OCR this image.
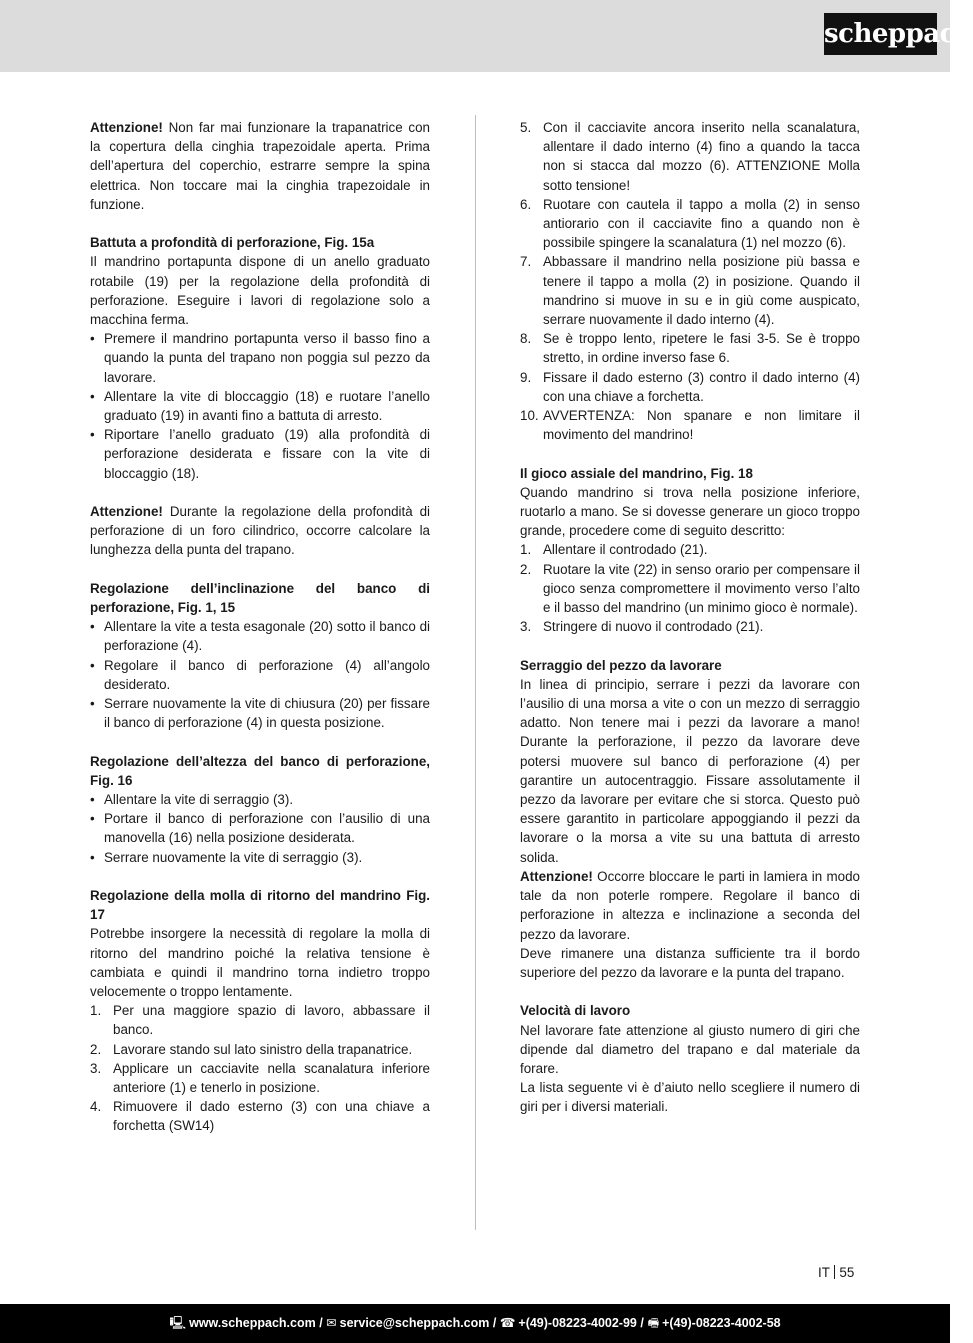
scheppach

Attenzione! Non far mai funzionare la trapanatrice con la copertura della cinghia trapezoidale aperta. Prima dell’apertura del coperchio, estrarre sempre la spina elettrica. Non toccare mai la cinghia trapezoidale in funzione.

Battuta a profondità di perforazione, Fig. 15a

Il mandrino portapunta dispone di un anello graduato rotabile (19) per la regolazione della profondità di perforazione. Eseguire i lavori di regolazione solo a macchina ferma.

• Premere il mandrino portapunta verso il basso fino a quando la punta del trapano non poggia sul pezzo da lavorare.
• Allentare la vite di bloccaggio (18) e ruotare l’anello graduato (19) in avanti fino a battuta di arresto.
• Riportare l’anello graduato (19) alla profondità di perforazione desiderata e fissare con la vite di bloccaggio (18).

Attenzione! Durante la regolazione della profondità di perforazione di un foro cilindrico, occorre calcolare la lunghezza della punta del trapano.

Regolazione dell’inclinazione del banco di perforazione, Fig. 1, 15

• Allentare la vite a testa esagonale (20) sotto il banco di perforazione (4).
• Regolare il banco di perforazione (4) all’angolo desiderato.
• Serrare nuovamente la vite di chiusura (20) per fissare il banco di perforazione (4) in questa posizione.

Regolazione dell’altezza del banco di perforazione, Fig. 16

• Allentare la vite di serraggio (3).
• Portare il banco di perforazione con l’ausilio di una manovella (16) nella posizione desiderata.
• Serrare nuovamente la vite di serraggio (3).

Regolazione della molla di ritorno del mandrino Fig. 17

Potrebbe insorgere la necessità di regolare la molla di ritorno del mandrino poiché la relativa tensione è cambiata e quindi il mandrino torna indietro troppo velocemente o troppo lentamente.

1. Per una maggiore spazio di lavoro, abbassare il banco.
2. Lavorare stando sul lato sinistro della trapanatrice.
3. Applicare un cacciavite nella scanalatura inferiore anteriore (1) e tenerlo in posizione.
4. Rimuovere il dado esterno (3) con una chiave a forchetta (SW14)
5. Con il cacciavite ancora inserito nella scanalatura, allentare il dado interno (4) fino a quando la tacca non si stacca dal mozzo (6). ATTENZIONE Molla sotto tensione!
6. Ruotare con cautela il tappo a molla (2) in senso antiorario con il cacciavite fino a quando non è possibile spingere la scanalatura (1) nel mozzo (6).
7. Abbassare il mandrino nella posizione più bassa e tenere il tappo a molla (2) in posizione. Quando il mandrino si muove in su e in giù come auspicato, serrare nuovamente il dado interno (4).
8. Se è troppo lento, ripetere le fasi 3-5. Se è troppo stretto, in ordine inverso fase 6.
9. Fissare il dado esterno (3) contro il dado interno (4) con una chiave a forchetta.
10. AVVERTENZA: Non spanare e non limitare il movimento del mandrino!

Il gioco assiale del mandrino, Fig. 18

Quando mandrino si trova nella posizione inferiore, ruotarlo a mano. Se si dovesse generare un gioco troppo grande, procedere come di seguito descritto:

1. Allentare il controdado (21).
2. Ruotare la vite (22) in senso orario per compensare il gioco senza compromettere il movimento verso l’alto e il basso del mandrino (un minimo gioco è normale).
3. Stringere di nuovo il controdado (21).

Serraggio del pezzo da lavorare

In linea di principio, serrare i pezzi da lavorare con l’ausilio di una morsa a vite o con un mezzo di serraggio adatto. Non tenere mai i pezzi da lavorare a mano! Durante la perforazione, il pezzo da lavorare deve potersi muovere sul banco di perforazione (4) per garantire un autocentraggio. Fissare assolutamente il pezzo da lavorare per evitare che si storca. Questo può essere garantito in particolare appoggiando il pezzi da lavorare o la morsa a vite su una battuta di arresto solida.

Attenzione! Occorre bloccare le parti in lamiera in modo tale da non poterle rompere. Regolare il banco di perforazione in altezza e inclinazione a seconda del pezzo da lavorare.

Deve rimanere una distanza sufficiente tra il bordo superiore del pezzo da lavorare e la punta del trapano.

Velocità di lavoro

Nel lavorare fate attenzione al giusto numero di giri che dipende dal diametro del trapano e dal materiale da forare.

La lista seguente vi è d’aiuto nello scegliere il numero di giri per i diversi materiali.

IT 55
🖳 www.scheppach.com / ✉ service@scheppach.com / ☎ +(49)-08223-4002-99 / 🖷 +(49)-08223-4002-58
